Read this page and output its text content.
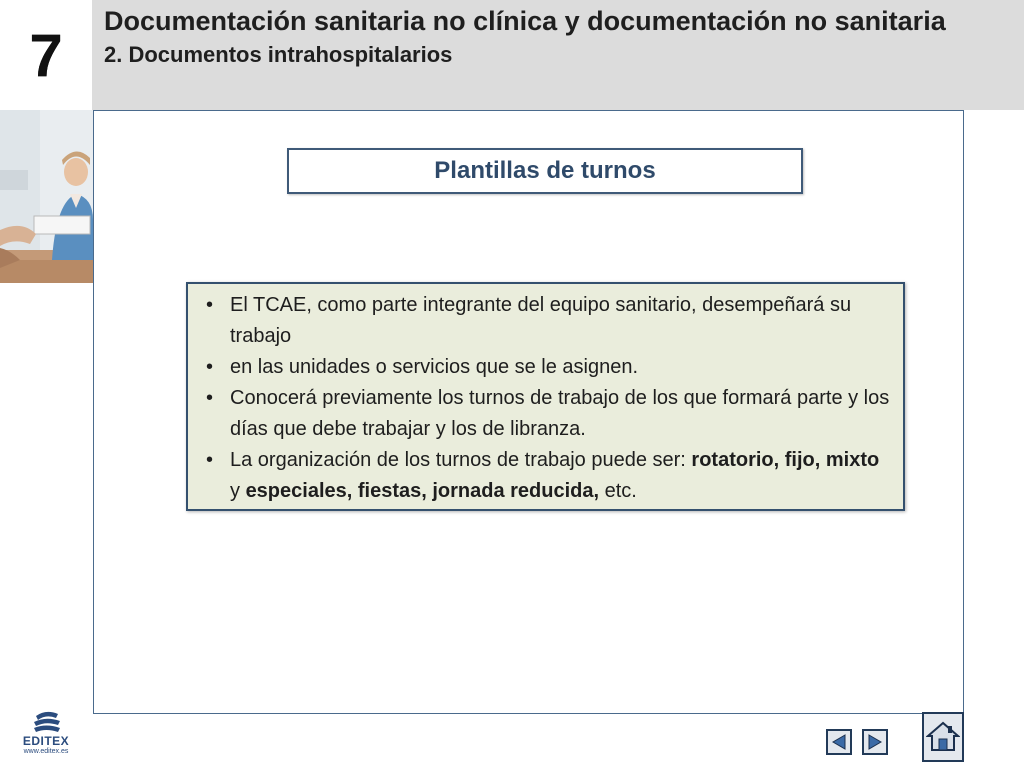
7
Documentación sanitaria no clínica y documentación no sanitaria
2. Documentos intrahospitalarios
Plantillas de turnos
• El TCAE, como parte integrante del equipo sanitario, desempeñará su trabajo
• en las unidades o servicios que se le asignen.
• Conocerá previamente los turnos de trabajo de los que formará parte y los días que debe trabajar y los de libranza.
• La organización de los turnos de trabajo puede ser: rotatorio, fijo, mixto y especiales, fiestas, jornada reducida, etc.
EDITEX
www.editex.es
